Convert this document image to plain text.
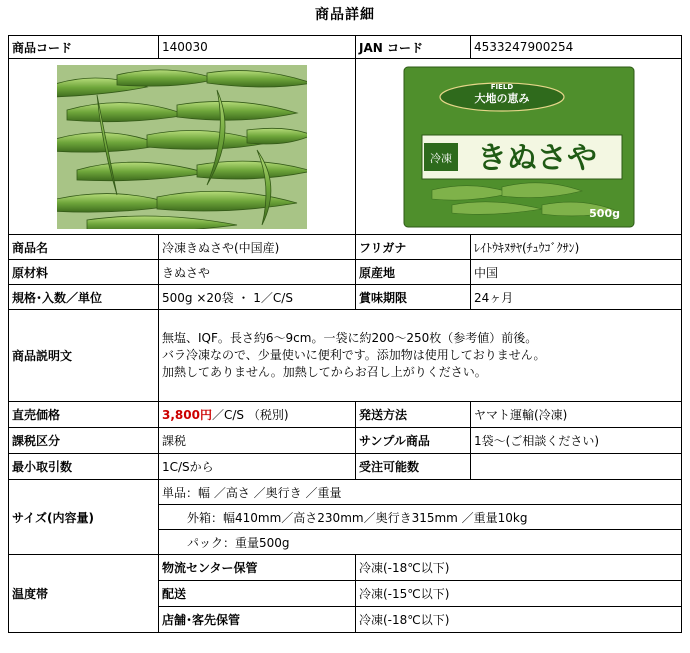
商品詳細
商品コード	140030	JAN コード	4533247900254

FIELD
大地の恵み
冷凍 きぬさや
500g	

商品名	冷凍きぬさや(中国産)	フリガナ	ﾚｲﾄｳｷﾇｻﾔ(ﾁｭｳｺﾞｸｻﾝ)
原材料	きぬさや	原産地	中国
規格･入数／単位	500g ×20袋 ・ 1／C/S	賞味期限	24ヶ月
商品説明文	無塩、IQF。長さ約6～9cm。一袋に約200～250枚（参考値）前後。
バラ冷凍なので、少量使いに便利です。添加物は使用しておりません。
加熱してありません。加熱してからお召し上がりください。		

直売価格	3,800円／C/S （税別)	発送方法	ヤマト運輸(冷凍)
課税区分	課税	サンプル商品	1袋～(ご相談ください)
最小取引数	1C/Sから	受注可能数	
サイズ(内容量)	単品：幅 ／高さ ／奥行き ／重量		
	外箱：幅410mm／高さ230mm／奥行き315mm ／重量10kg		
	パック：重量500g		
温度帯	物流センター保管	冷凍(-18℃以下)	
	配送	冷凍(-15℃以下)	
	店舗･客先保管	冷凍(-18℃以下)	
